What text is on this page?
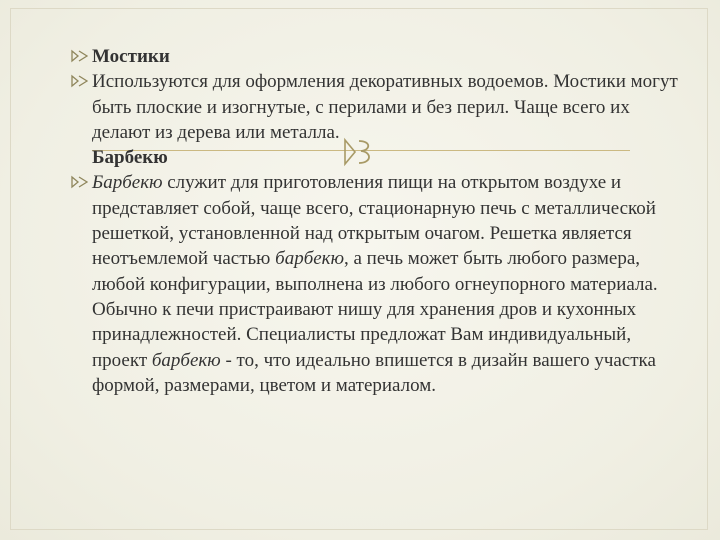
Мостики

Используются для оформления декоративных водоемов. Мостики могут быть плоские и изогнутые, с перилами и без перил. Чаще всего их делают из дерева или металла.

Барбекю

Барбекю служит для приготовления пищи на открытом воздухе и представляет собой, чаще всего, стационарную печь с металлической решеткой, установленной над открытым очагом. Решетка является неотъемлемой частью барбекю, а печь может быть любого размера, любой конфигурации, выполнена из любого огнеупорного материала. Обычно к печи пристраивают нишу для хранения дров и кухонных принадлежностей. Специалисты предложат Вам индивидуальный, проект барбекю - то, что идеально впишется в дизайн вашего участка формой, размерами, цветом и материалом.
